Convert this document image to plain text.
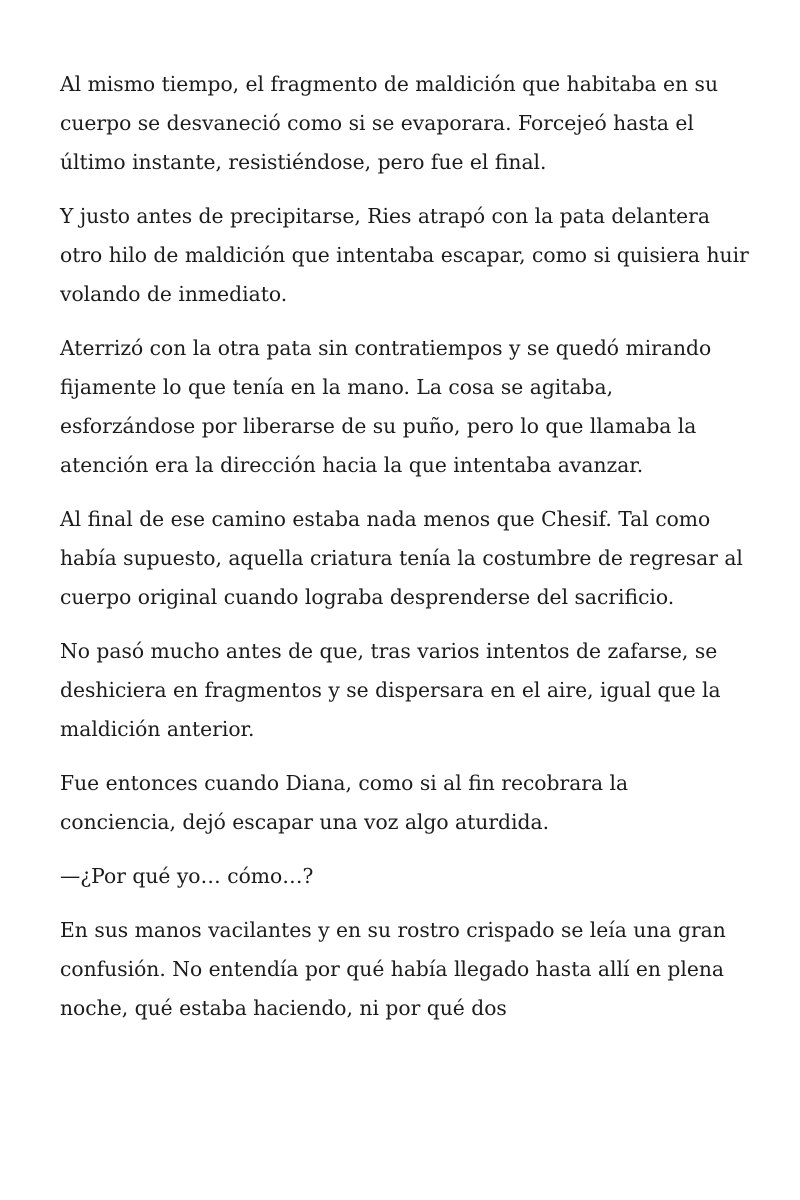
Al mismo tiempo, el fragmento de maldición que habitaba en su cuerpo se desvaneció como si se evaporara. Forcejeó hasta el último instante, resistiéndose, pero fue el final.

Y justo antes de precipitarse, Ries atrapó con la pata delantera otro hilo de maldición que intentaba escapar, como si quisiera huir volando de inmediato.

Aterrizó con la otra pata sin contratiempos y se quedó mirando fijamente lo que tenía en la mano. La cosa se agitaba, esforzándose por liberarse de su puño, pero lo que llamaba la atención era la dirección hacia la que intentaba avanzar.

Al final de ese camino estaba nada menos que Chesif. Tal como había supuesto, aquella criatura tenía la costumbre de regresar al cuerpo original cuando lograba desprenderse del sacrificio.

No pasó mucho antes de que, tras varios intentos de zafarse, se deshiciera en fragmentos y se dispersara en el aire, igual que la maldición anterior.

Fue entonces cuando Diana, como si al fin recobrara la conciencia, dejó escapar una voz algo aturdida.

—¿Por qué yo… cómo…?

En sus manos vacilantes y en su rostro crispado se leía una gran confusión. No entendía por qué había llegado hasta allí en plena noche, qué estaba haciendo, ni por qué dos
